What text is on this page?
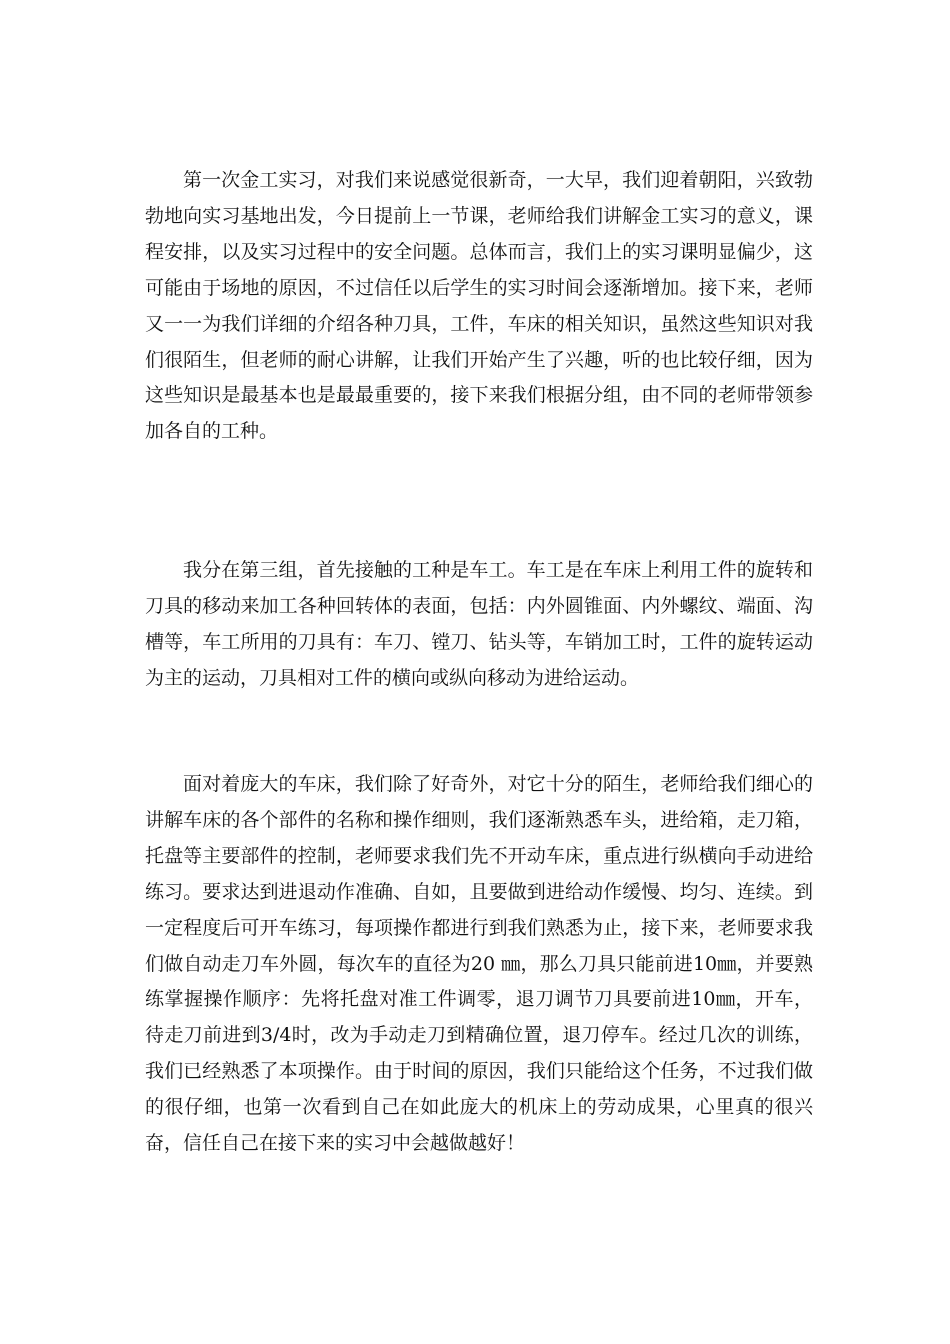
第一次金工实习，对我们来说感觉很新奇，一大早，我们迎着朝阳，兴致勃勃地向实习基地出发，今日提前上一节课，老师给我们讲解金工实习的意义，课程安排，以及实习过程中的安全问题。总体而言，我们上的实习课明显偏少，这可能由于场地的原因，不过信任以后学生的实习时间会逐渐增加。接下来，老师又一一为我们详细的介绍各种刀具，工件，车床的相关知识，虽然这些知识对我们很陌生，但老师的耐心讲解，让我们开始产生了兴趣，听的也比较仔细，因为这些知识是最基本也是最最重要的，接下来我们根据分组，由不同的老师带领参加各自的工种。

我分在第三组，首先接触的工种是车工。车工是在车床上利用工件的旋转和刀具的移动来加工各种回转体的表面，包括：内外圆锥面、内外螺纹、端面、沟槽等，车工所用的刀具有：车刀、镗刀、钻头等，车销加工时，工件的旋转运动为主的运动，刀具相对工件的横向或纵向移动为进给运动。

面对着庞大的车床，我们除了好奇外，对它十分的陌生，老师给我们细心的讲解车床的各个部件的名称和操作细则，我们逐渐熟悉车头，进给箱，走刀箱，托盘等主要部件的控制，老师要求我们先不开动车床，重点进行纵横向手动进给练习。要求达到进退动作准确、自如，且要做到进给动作缓慢、均匀、连续。到一定程度后可开车练习，每项操作都进行到我们熟悉为止，接下来，老师要求我们做自动走刀车外圆，每次车的直径为20 ㎜，那么刀具只能前进10㎜，并要熟练掌握操作顺序：先将托盘对准工件调零，退刀调节刀具要前进10㎜，开车，待走刀前进到3/4时，改为手动走刀到精确位置，退刀停车。经过几次的训练，我们已经熟悉了本项操作。由于时间的原因，我们只能给这个任务，不过我们做的很仔细，也第一次看到自己在如此庞大的机床上的劳动成果，心里真的很兴奋，信任自己在接下来的实习中会越做越好！
